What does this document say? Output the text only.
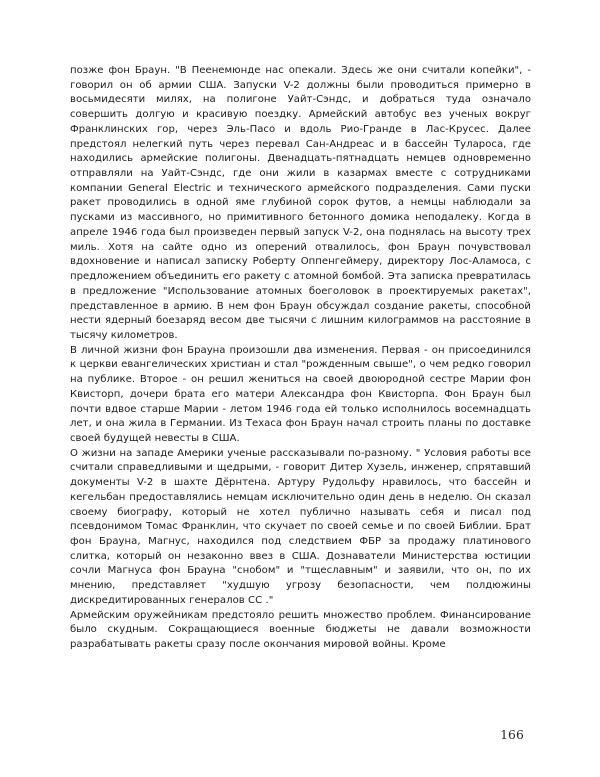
позже фон Браун. "В Пеенемюнде нас опекали. Здесь же они считали копейки", - говорил он об армии США. Запуски V-2 должны были проводиться примерно в восьмидесяти милях, на полигоне Уайт-Сэндс, и добраться туда означало совершить долгую и красивую поездку. Армейский автобус вез ученых вокруг Франклинских гор, через Эль-Пасо и вдоль Рио-Гранде в Лас-Крусес. Далее предстоял нелегкий путь через перевал Сан-Андреас и в бассейн Тулароса, где находились армейские полигоны. Двенадцать-пятнадцать немцев одновременно отправляли на Уайт-Сэндс, где они жили в казармах вместе с сотрудниками компании General Electric и технического армейского подразделения. Сами пуски ракет проводились в одной яме глубиной сорок футов, а немцы наблюдали за пусками из массивного, но примитивного бетонного домика неподалеку. Когда в апреле 1946 года был произведен первый запуск V-2, она поднялась на высоту трех миль. Хотя на сайте одно из оперений отвалилось, фон Браун почувствовал вдохновение и написал записку Роберту Оппенгеймеру, директору Лос-Аламоса, с предложением объединить его ракету с атомной бомбой. Эта записка превратилась в предложение "Использование атомных боеголовок в проектируемых ракетах", представленное в армию. В нем фон Браун обсуждал создание ракеты, способной нести ядерный боезаряд весом две тысячи с лишним килограммов на расстояние в тысячу километров.

В личной жизни фон Брауна произошли два изменения. Первая - он присоединился к церкви евангелических христиан и стал "рожденным свыше", о чем редко говорил на публике. Второе - он решил жениться на своей двоюродной сестре Марии фон Квисторп, дочери брата его матери Александра фон Квисторпа. Фон Браун был почти вдвое старше Марии - летом 1946 года ей только исполнилось восемнадцать лет, и она жила в Германии. Из Техаса фон Браун начал строить планы по доставке своей будущей невесты в США.

О жизни на западе Америки ученые рассказывали по-разному. " Условия работы все считали справедливыми и щедрыми, - говорит Дитер Хузель, инженер, спрятавший документы V-2 в шахте Дёрнтена. Артуру Рудольфу нравилось, что бассейн и кегельбан предоставлялись немцам исключительно один день в неделю. Он сказал своему биографу, который не хотел публично называть себя и писал под псевдонимом Томас Франклин, что скучает по своей семье и по своей Библии. Брат фон Брауна, Магнус, находился под следствием ФБР за продажу платинового слитка, который он незаконно ввез в США. Дознаватели Министерства юстиции сочли Магнуса фон Брауна "снобом" и "тщеславным" и заявили, что он, по их мнению, представляет "худшую угрозу безопасности, чем полдюжины дискредитированных генералов СС ."

Армейским оружейникам предстояло решить множество проблем. Финансирование было скудным. Сокращающиеся военные бюджеты не давали возможности разрабатывать ракеты сразу после окончания мировой войны. Кроме

166
